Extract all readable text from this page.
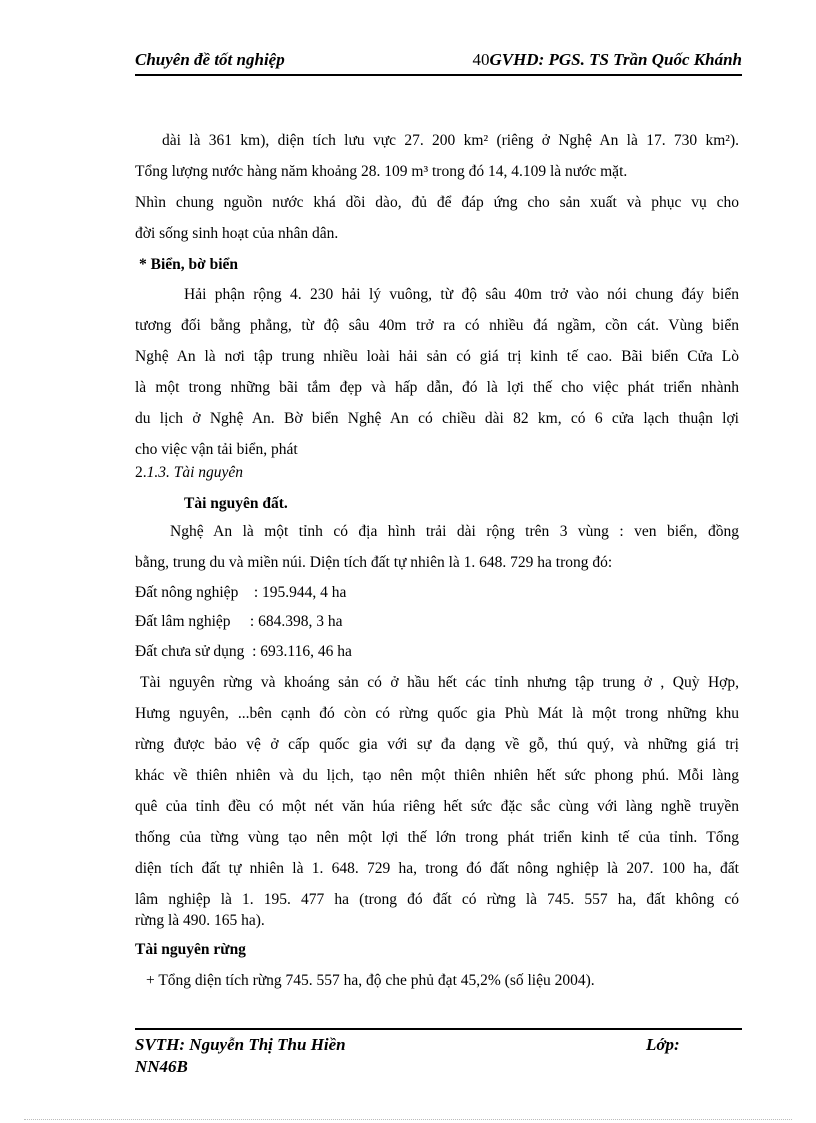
Chuyên đề tốt nghiệp	40GVHD: PGS. TS Trần Quốc Khánh
dài là 361 km), diện tích lưu vực 27. 200 km² (riêng ở Nghệ An là 17. 730 km²).
Tổng lượng nước hàng năm khoảng 28. 109 m³ trong đó 14, 4.109 là nước mặt.
Nhìn chung nguồn nước khá dồi dào, đủ để đáp ứng cho sản xuất và phục vụ cho
đời sống sinh hoạt của nhân dân.
* Biển, bờ biển
Hải phận rộng 4. 230 hải lý vuông, từ độ sâu 40m trở vào nói chung đáy biển
tương đối bằng phẳng, từ độ sâu 40m trở ra có nhiều đá ngầm, cồn cát. Vùng biển
Nghệ An là nơi tập trung nhiều loài hải sản có giá trị kinh tế cao. Bãi biển Cửa Lò
là một trong những bãi tắm đẹp và hấp dẫn, đó là lợi thế cho việc phát triển nhành
du lịch ở Nghệ An. Bờ biển Nghệ An có chiều dài 82 km, có 6 cửa lạch thuận lợi
cho việc vận tải biển, phát
2.1.3. Tài nguyên
Tài nguyên đất.
Nghệ An là một tỉnh có địa hình trải dài rộng trên 3 vùng : ven biển, đồng
bằng, trung du và miền núi. Diện tích đất tự nhiên là 1. 648. 729 ha trong đó:
Đất nông nghiệp    : 195.944, 4 ha
Đất lâm nghiệp     : 684.398, 3 ha
Đất chưa sử dụng  : 693.116, 46 ha
Tài nguyên rừng và khoáng sản có ở hầu hết các tỉnh nhưng tập trung ở , Quỳ Hợp,
Hưng nguyên, ...bên cạnh đó còn có rừng quốc gia Phù Mát là một trong những khu
rừng được bảo vệ ở cấp quốc gia với sự đa dạng về gỗ, thú quý, và những giá trị
khác về thiên nhiên và du lịch, tạo nên một thiên nhiên hết sức phong phú. Mỗi làng
quê của tỉnh đều có một nét văn húa riêng hết sức đặc sắc cùng với làng nghề truyền
thống của từng vùng tạo nên một lợi thế lớn trong phát triển kinh tế của tỉnh. Tổng
diện tích đất tự nhiên là 1. 648. 729 ha, trong đó đất nông nghiệp là 207. 100 ha, đất
lâm nghiệp là 1. 195. 477 ha (trong đó đất có rừng là 745. 557 ha, đất không có
rừng là 490. 165 ha).
Tài nguyên rừng
+ Tổng diện tích rừng 745. 557 ha, độ che phủ đạt 45,2% (số liệu 2004).
SVTH: Nguyễn Thị Thu Hiền	Lớp:
NN46B
